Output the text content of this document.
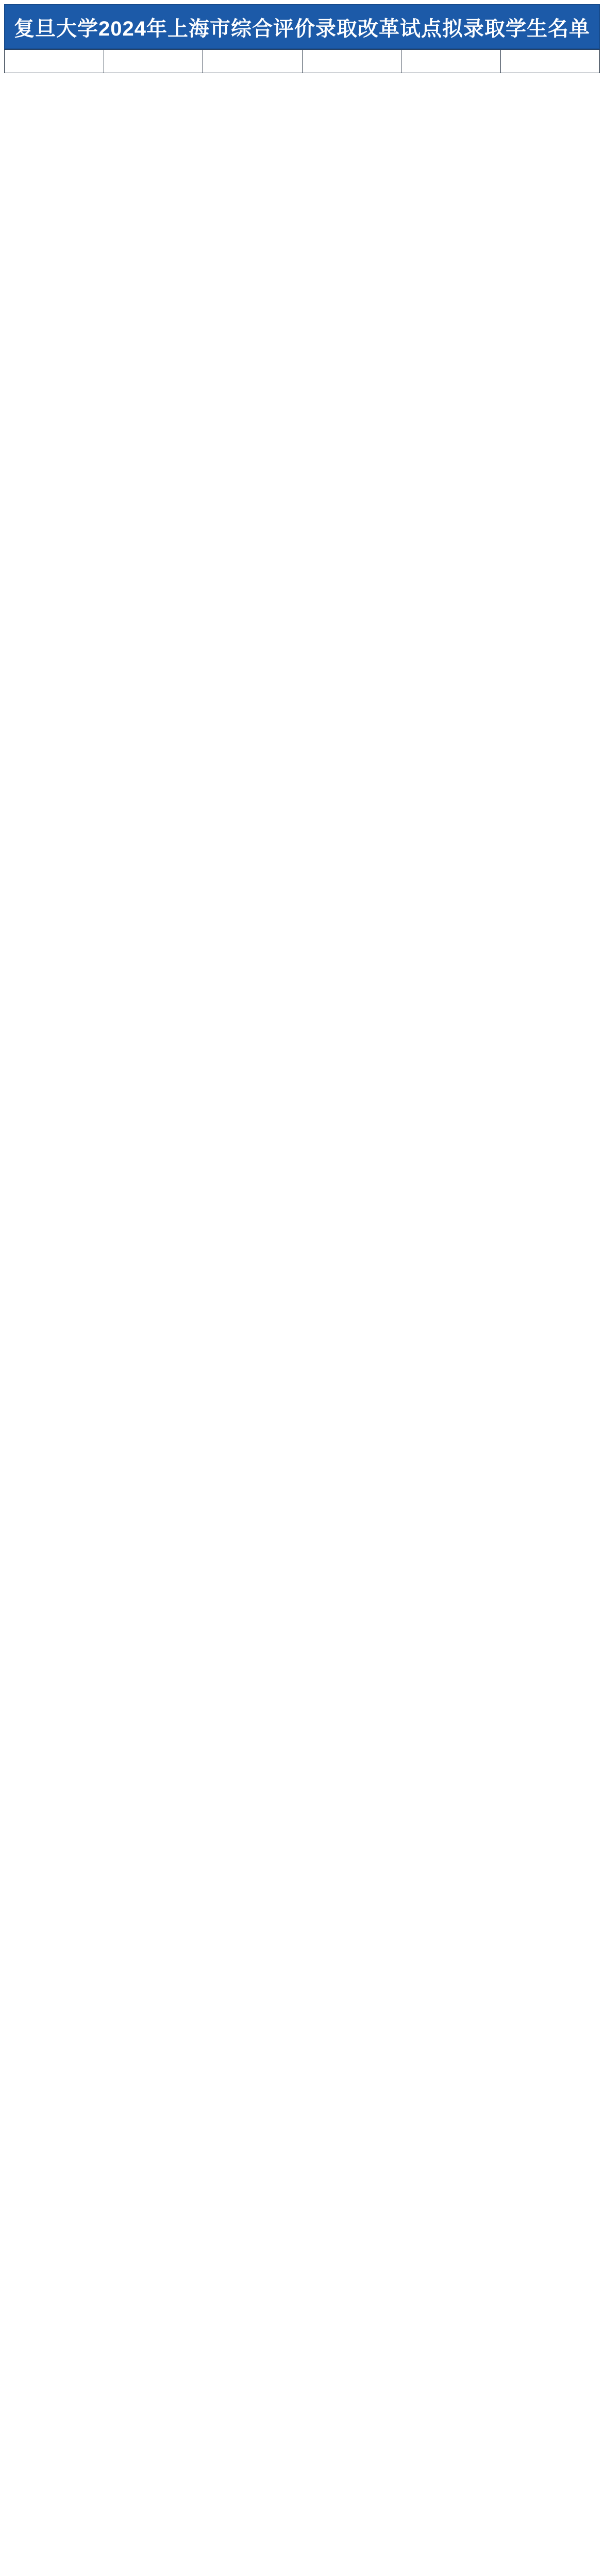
复旦大学2024年上海市综合评价录取改革试点拟录取学生名单
